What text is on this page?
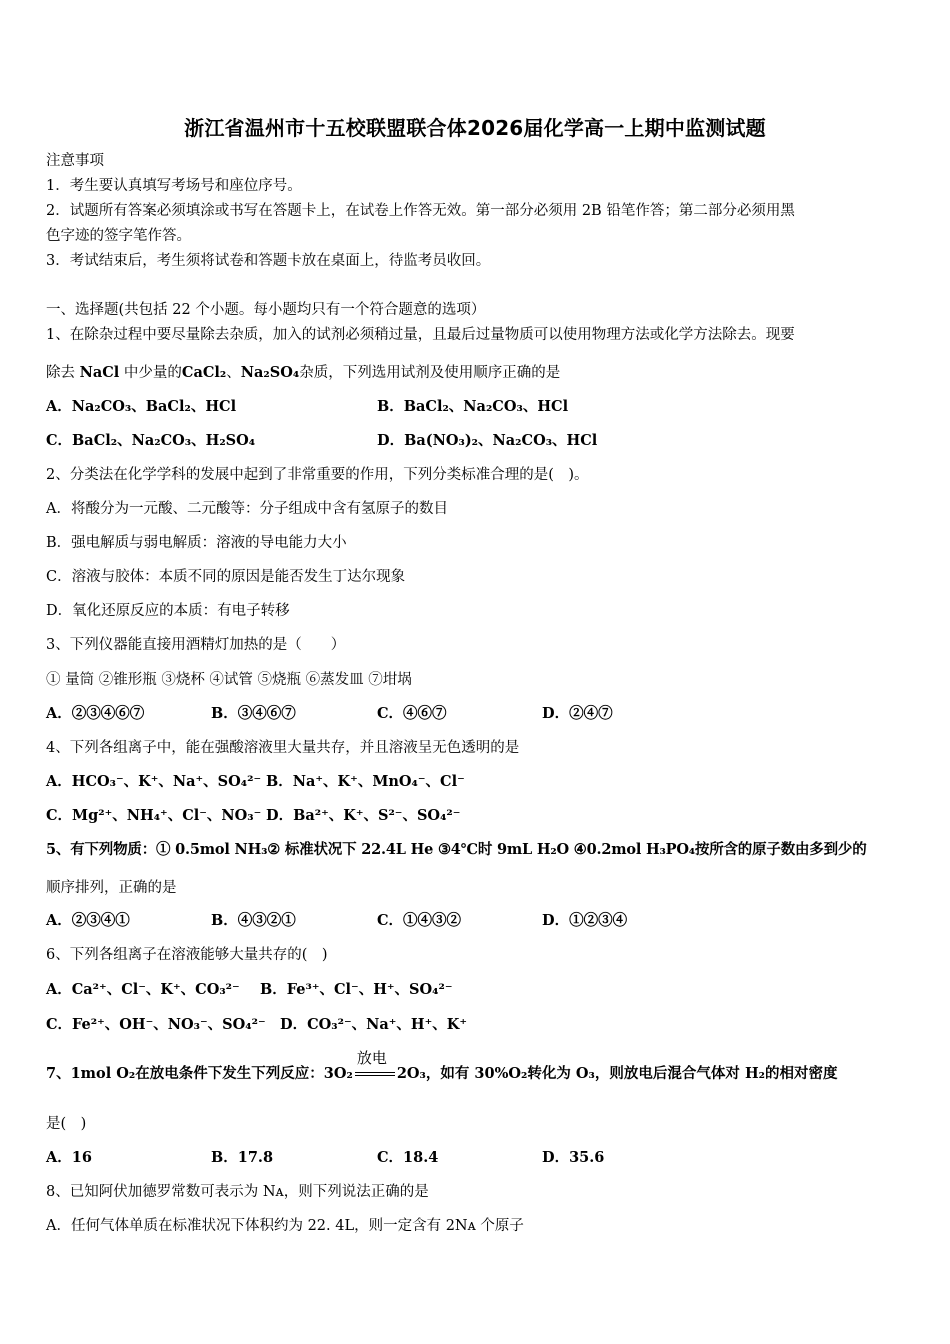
浙江省温州市十五校联盟联合体2026届化学高一上期中监测试题
注意事项
1．考生要认真填写考场号和座位序号。
2．试题所有答案必须填涂或书写在答题卡上，在试卷上作答无效。第一部分必须用 2B 铅笔作答；第二部分必须用黑
色字迹的签字笔作答。
3．考试结束后，考生须将试卷和答题卡放在桌面上，待监考员收回。
一、选择题(共包括 22 个小题。每小题均只有一个符合题意的选项）
1、在除杂过程中要尽量除去杂质，加入的试剂必须稍过量，且最后过量物质可以使用物理方法或化学方法除去。现要
除去 NaCl 中少量的CaCl₂、Na₂SO₄杂质，下列选用试剂及使用顺序正确的是
A．Na₂CO₃、BaCl₂、HCl	B．BaCl₂、Na₂CO₃、HCl
C．BaCl₂、Na₂CO₃、H₂SO₄	D．Ba(NO₃)₂、Na₂CO₃、HCl
2、分类法在化学学科的发展中起到了非常重要的作用，下列分类标准合理的是(　)。
A．将酸分为一元酸、二元酸等：分子组成中含有氢原子的数目
B．强电解质与弱电解质：溶液的导电能力大小
C．溶液与胶体：本质不同的原因是能否发生丁达尔现象
D．氧化还原反应的本质：有电子转移
3、下列仪器能直接用酒精灯加热的是（　　）
① 量筒 ②锥形瓶 ③烧杯 ④试管 ⑤烧瓶 ⑥蒸发皿 ⑦坩埚
A．②③④⑥⑦	B．③④⑥⑦	C．④⑥⑦	D．②④⑦
4、下列各组离子中，能在强酸溶液里大量共存，并且溶液呈无色透明的是
A．HCO₃⁻、K⁺、Na⁺、SO₄²⁻ B．Na⁺、K⁺、MnO₄⁻、Cl⁻
C．Mg²⁺、NH₄⁺、Cl⁻、NO₃⁻ D．Ba²⁺、K⁺、S²⁻、SO₄²⁻
5、有下列物质：① 0.5mol NH₃② 标准状况下 22.4L He ③4℃时 9mL H₂O ④0.2mol H₃PO₄按所含的原子数由多到少的
顺序排列，正确的是
A．②③④①	B．④③②①	C．①④③②	D．①②③④
6、下列各组离子在溶液能够大量共存的(　)
A．Ca²⁺、Cl⁻、K⁺、CO₃²⁻ B．Fe³⁺、Cl⁻、H⁺、SO₄²⁻
C．Fe²⁺、OH⁻、NO₃⁻、SO₄²⁻ D．CO₃²⁻、Na⁺、H⁺、K⁺
7、1mol O₂在放电条件下发生下列反应：3O₂
放电
2O₃，如有 30%O₂转化为 O₃，则放电后混合气体对 H₂的相对密度
是(　)
A．16	B．17.8	C．18.4	D．35.6
8、已知阿伏加德罗常数可表示为 Nᴀ，则下列说法正确的是
A．任何气体单质在标准状况下体积约为 22. 4L，则一定含有 2Nᴀ 个原子
